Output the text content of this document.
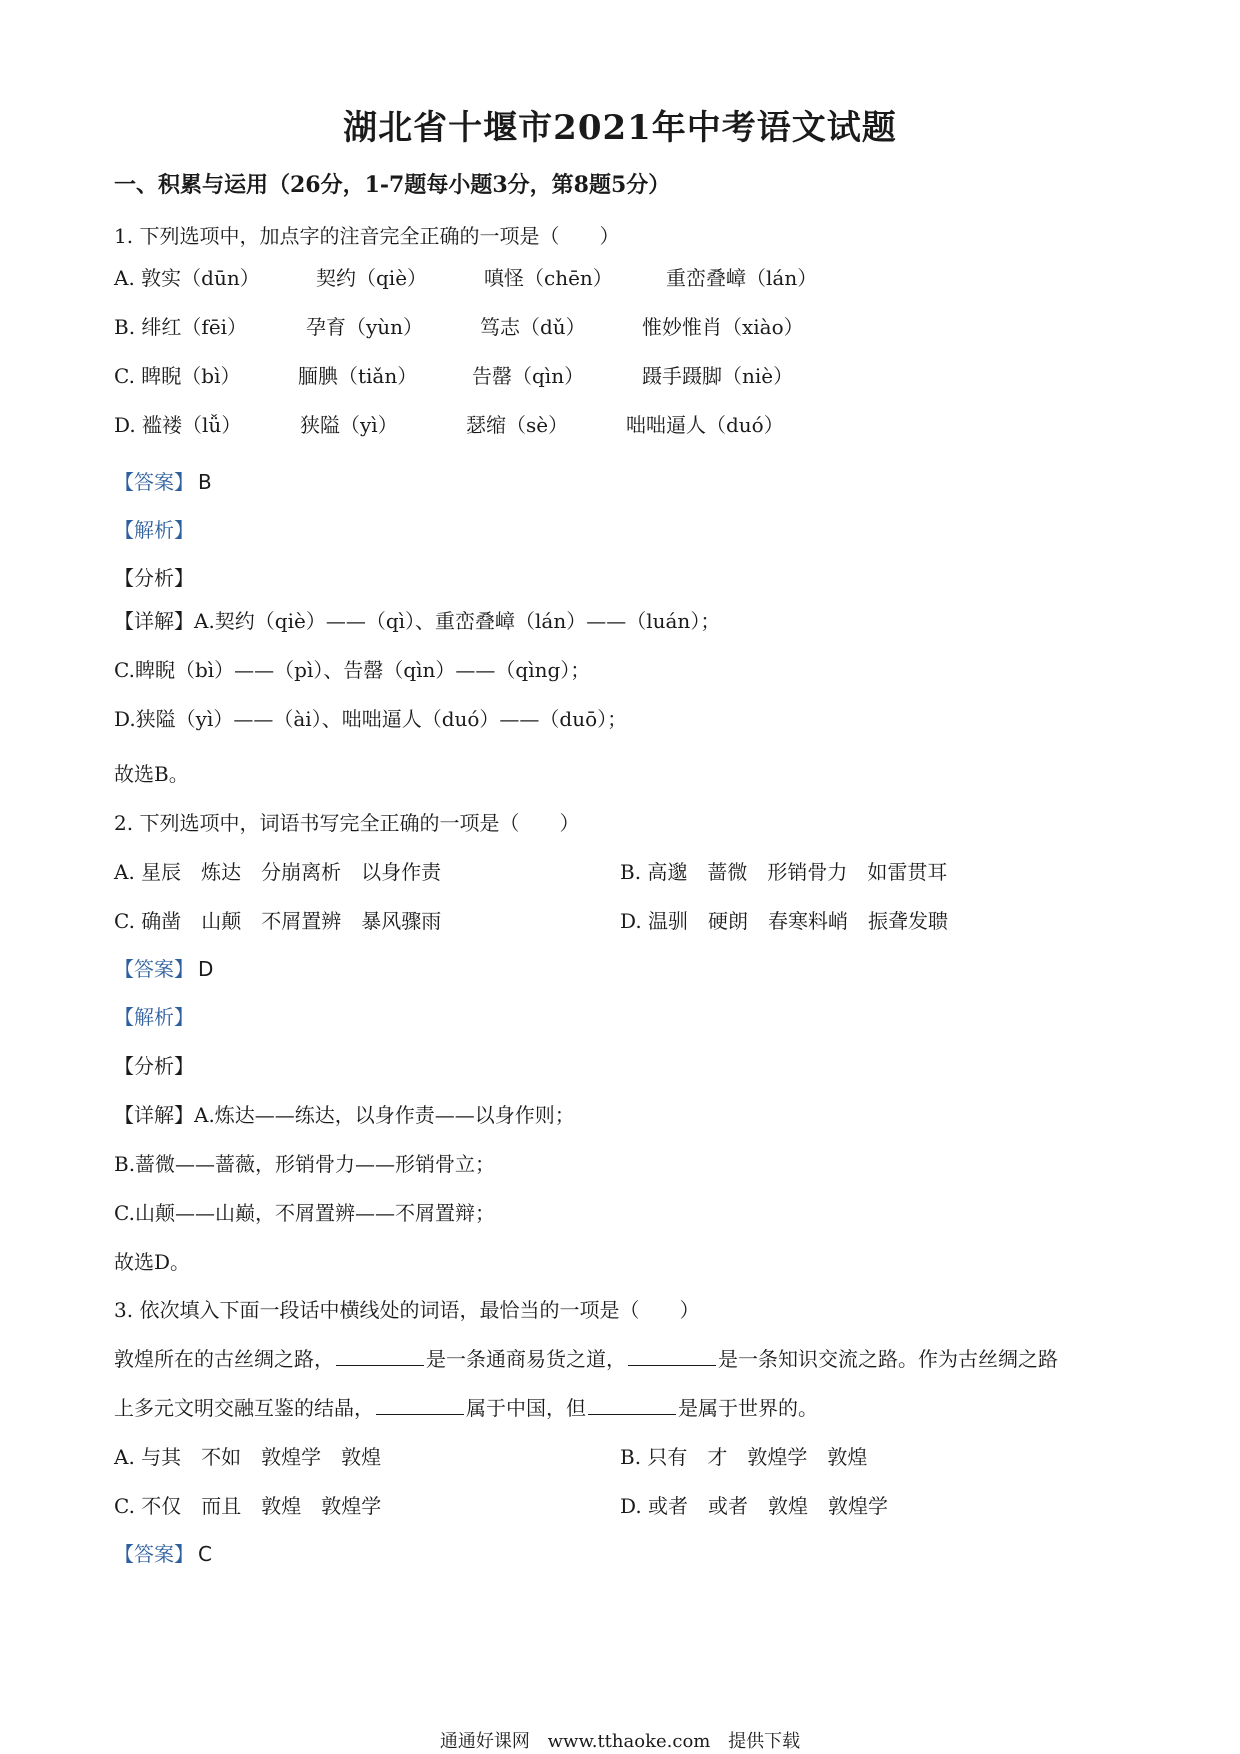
湖北省十堰市2021年中考语文试题
一、积累与运用（26分，1-7题每小题3分，第8题5分）
1. 下列选项中，加点字的注音完全正确的一项是（　　）
A. 敦实（dūn）	契约（qiè）	嗔怪（chēn）	重峦叠嶂（lán）
B. 绯红（fēi）	孕育（yùn）	笃志（dǔ）	惟妙惟肖（xiào）
C. 睥睨（bì）	腼腆（tiǎn）	告罄（qìn）	蹑手蹑脚（niè）
D. 褴褛（lǚ）	狭隘（yì）	瑟缩（sè）	咄咄逼人（duó）
【答案】 B
【解析】
【分析】
【详解】A.契约（qiè）——（qì）、重峦叠嶂（lán）——（luán）；
C.睥睨（bì）——（pì）、告罄（qìn）——（qìng）；
D.狭隘（yì）——（ài）、咄咄逼人（duó）——（duō）；
故选B。
2. 下列选项中，词语书写完全正确的一项是（　　）
A. 星辰　炼达　分崩离析　以身作责	B. 高邈　蔷微　形销骨力　如雷贯耳
C. 确凿　山颠　不屑置辨　暴风骤雨	D. 温驯　硬朗　春寒料峭　振聋发聩
【答案】 D
【解析】
【分析】
【详解】A.炼达——练达，以身作责——以身作则；
B.蔷微——蔷薇，形销骨力——形销骨立；
C.山颠——山巅，不屑置辨——不屑置辩；
故选D。
3. 依次填入下面一段话中横线处的词语，最恰当的一项是（　　）
敦煌所在的古丝绸之路，	是一条通商易货之道，	是一条知识交流之路。作为古丝绸之路
上多元文明交融互鉴的结晶，	属于中国，但	是属于世界的。
A. 与其　不如　敦煌学　敦煌	B. 只有　才　敦煌学　敦煌
C. 不仅　而且　敦煌　敦煌学	D. 或者　或者　敦煌　敦煌学
【答案】 C
通通好课网 www.tthaoke.com 提供下载
